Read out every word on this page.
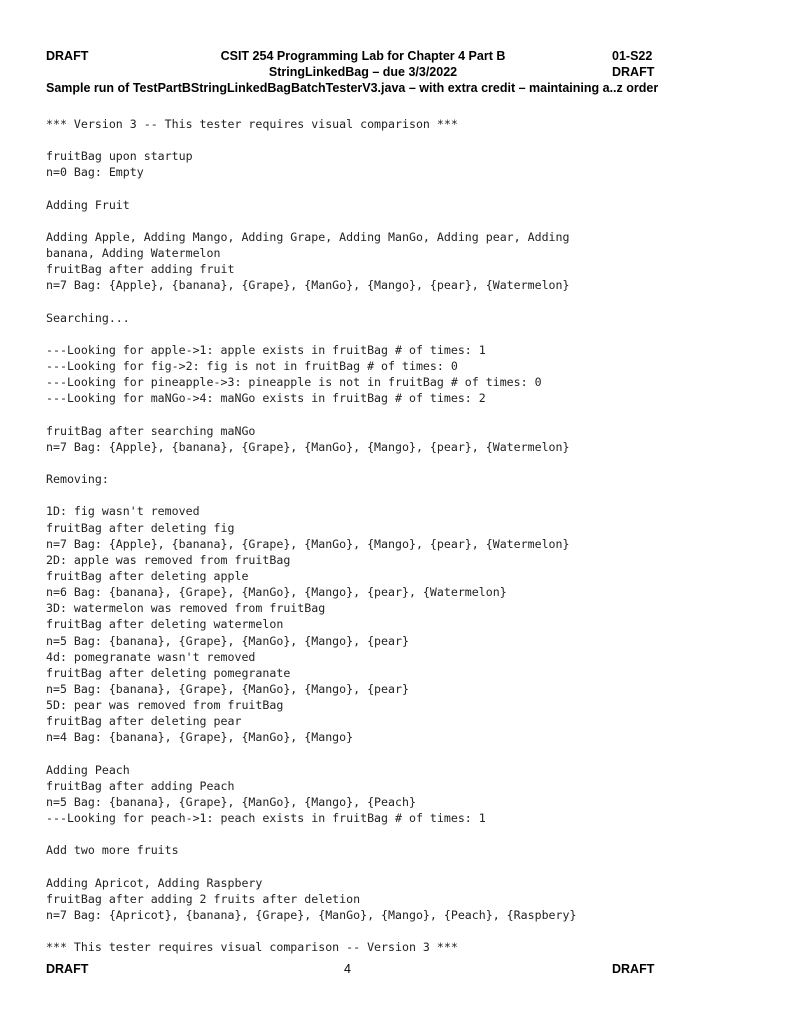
DRAFT	CSIT 254 Programming Lab for Chapter 4 Part B	01-S22
StringLinkedBag – due 3/3/2022	DRAFT
Sample run of TestPartBStringLinkedBagBatchTesterV3.java – with extra credit – maintaining a..z order
*** Version 3 -- This tester requires visual comparison ***
fruitBag upon startup
n=0 Bag: Empty
Adding Fruit
Adding Apple, Adding Mango, Adding Grape, Adding ManGo, Adding pear, Adding
banana, Adding Watermelon
fruitBag after adding fruit
n=7 Bag: {Apple}, {banana}, {Grape}, {ManGo}, {Mango}, {pear}, {Watermelon}
Searching...
---Looking for apple->1: apple exists in fruitBag # of times: 1
---Looking for fig->2: fig is not in fruitBag # of times: 0
---Looking for pineapple->3: pineapple is not in fruitBag # of times: 0
---Looking for maNGo->4: maNGo exists in fruitBag # of times: 2
fruitBag after searching maNGo
n=7 Bag: {Apple}, {banana}, {Grape}, {ManGo}, {Mango}, {pear}, {Watermelon}
Removing:
1D: fig wasn't removed
fruitBag after deleting fig
n=7 Bag: {Apple}, {banana}, {Grape}, {ManGo}, {Mango}, {pear}, {Watermelon}
2D: apple was removed from fruitBag
fruitBag after deleting apple
n=6 Bag: {banana}, {Grape}, {ManGo}, {Mango}, {pear}, {Watermelon}
3D: watermelon was removed from fruitBag
fruitBag after deleting watermelon
n=5 Bag: {banana}, {Grape}, {ManGo}, {Mango}, {pear}
4d: pomegranate wasn't removed
fruitBag after deleting pomegranate
n=5 Bag: {banana}, {Grape}, {ManGo}, {Mango}, {pear}
5D: pear was removed from fruitBag
fruitBag after deleting pear
n=4 Bag: {banana}, {Grape}, {ManGo}, {Mango}
Adding Peach
fruitBag after adding Peach
n=5 Bag: {banana}, {Grape}, {ManGo}, {Mango}, {Peach}
---Looking for peach->1: peach exists in fruitBag # of times: 1
Add two more fruits
Adding Apricot, Adding Raspbery
fruitBag after adding 2 fruits after deletion
n=7 Bag: {Apricot}, {banana}, {Grape}, {ManGo}, {Mango}, {Peach}, {Raspbery}
*** This tester requires visual comparison -- Version 3 ***
DRAFT	4	DRAFT
